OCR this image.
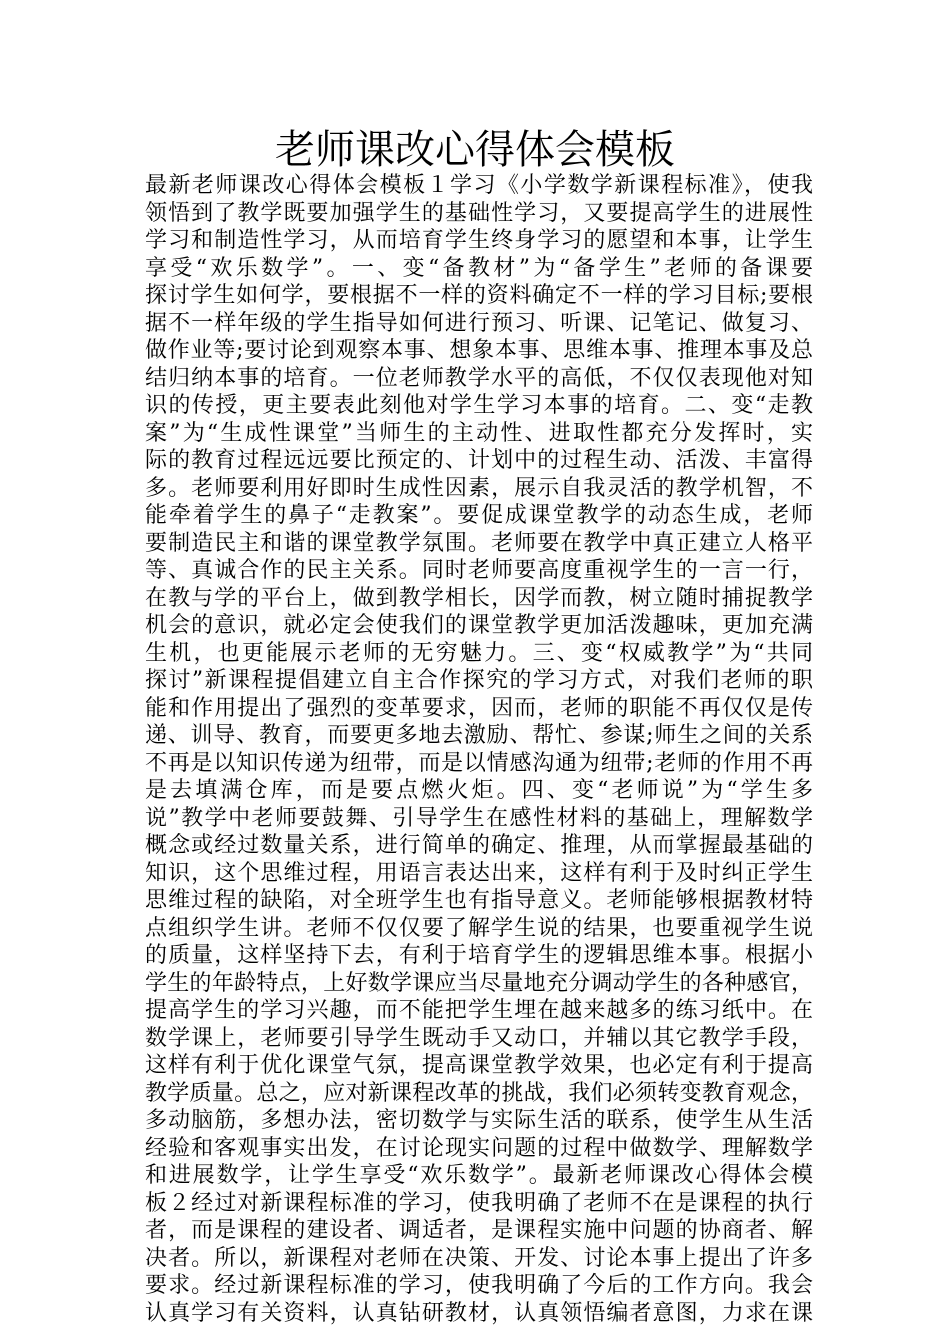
老师课改心得体会模板
最新老师课改心得体会模板１学习《小学数学新课程标准》，使我
领悟到了教学既要加强学生的基础性学习，又要提高学生的进展性
学习和制造性学习，从而培育学生终身学习的愿望和本事，让学生
享受“欢乐数学”。一、变“备教材”为“备学生”老师的备课要
探讨学生如何学，要根据不一样的资料确定不一样的学习目标;要根
据不一样年级的学生指导如何进行预习、听课、记笔记、做复习、
做作业等;要讨论到观察本事、想象本事、思维本事、推理本事及总
结归纳本事的培育。一位老师教学水平的高低，不仅仅表现他对知
识的传授，更主要表此刻他对学生学习本事的培育。二、变“走教
案”为“生成性课堂”当师生的主动性、进取性都充分发挥时，实
际的教育过程远远要比预定的、计划中的过程生动、活泼、丰富得
多。老师要利用好即时生成性因素，展示自我灵活的教学机智，不
能牵着学生的鼻子“走教案”。要促成课堂教学的动态生成，老师
要制造民主和谐的课堂教学氛围。老师要在教学中真正建立人格平
等、真诚合作的民主关系。同时老师要高度重视学生的一言一行，
在教与学的平台上，做到教学相长，因学而教，树立随时捕捉教学
机会的意识，就必定会使我们的课堂教学更加活泼趣味，更加充满
生机，也更能展示老师的无穷魅力。三、变“权威教学”为“共同
探讨”新课程提倡建立自主合作探究的学习方式，对我们老师的职
能和作用提出了强烈的变革要求，因而，老师的职能不再仅仅是传
递、训导、教育，而要更多地去激励、帮忙、参谋;师生之间的关系
不再是以知识传递为纽带，而是以情感沟通为纽带;老师的作用不再
是去填满仓库，而是要点燃火炬。四、变“老师说”为“学生多
说”教学中老师要鼓舞、引导学生在感性材料的基础上，理解数学
概念或经过数量关系，进行简单的确定、推理，从而掌握最基础的
知识，这个思维过程，用语言表达出来，这样有利于及时纠正学生
思维过程的缺陷，对全班学生也有指导意义。老师能够根据教材特
点组织学生讲。老师不仅仅要了解学生说的结果，也要重视学生说
的质量，这样坚持下去，有利于培育学生的逻辑思维本事。根据小
学生的年龄特点，上好数学课应当尽量地充分调动学生的各种感官，
提高学生的学习兴趣，而不能把学生埋在越来越多的练习纸中。在
数学课上，老师要引导学生既动手又动口，并辅以其它教学手段，
这样有利于优化课堂气氛，提高课堂教学效果，也必定有利于提高
教学质量。总之，应对新课程改革的挑战，我们必须转变教育观念，
多动脑筋，多想办法，密切数学与实际生活的联系，使学生从生活
经验和客观事实出发，在讨论现实问题的过程中做数学、理解数学
和进展数学，让学生享受“欢乐数学”。最新老师课改心得体会模
板２经过对新课程标准的学习，使我明确了老师不在是课程的执行
者，而是课程的建设者、调适者，是课程实施中问题的协商者、解
决者。所以，新课程对老师在决策、开发、讨论本事上提出了许多
要求。经过新课程标准的学习，使我明确了今后的工作方向。我会
认真学习有关资料，认真钻研教材，认真领悟编者意图，力求在课
